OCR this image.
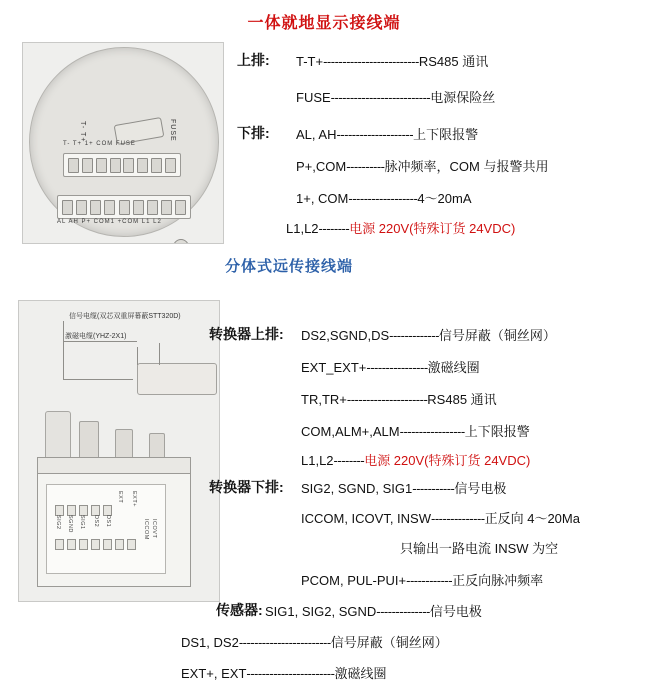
一体就地显示接线端
分体式远传接线端
FUSE
T- T+
T- T+ 1+ COM FUSE
AL AH P+ COM1 +COM L1 L2
信号电缆(双芯双重屏幕蔽STT320D)
激磁电缆(YHZ-2X1)
SIG2 SGND SIG1 DS2 DS1
EXT EXT+
ICCOM ICOVT
上排:
下排:
T-T+-------------------------RS485 通讯
FUSE--------------------------电源保险丝
AL, AH--------------------上下限报警
P+,COM----------脉冲频率，COM 与报警共用
1+, COM------------------4～20mA
L1,L2--------电源 220V(特殊订货 24VDC)
转换器上排: DS2,SGND,DS-------------信号屏蔽（铜丝网）
EXT_EXT+----------------激磁线圈
TR,TR+---------------------RS485 通讯
COM,ALM+,ALM-----------------上下限报警
L1,L2--------电源 220V(特殊订货 24VDC)
转换器下排: SIG2, SGND, SIG1-----------信号电极
ICCOM, ICOVT, INSW--------------正反向 4～20Ma
只输出一路电流 INSW 为空
PCOM, PUL-PUI+------------正反向脉冲频率
传感器: SIG1, SIG2, SGND--------------信号电极
DS1, DS2------------------------信号屏蔽（铜丝网）
EXT+, EXT-----------------------激磁线圈
